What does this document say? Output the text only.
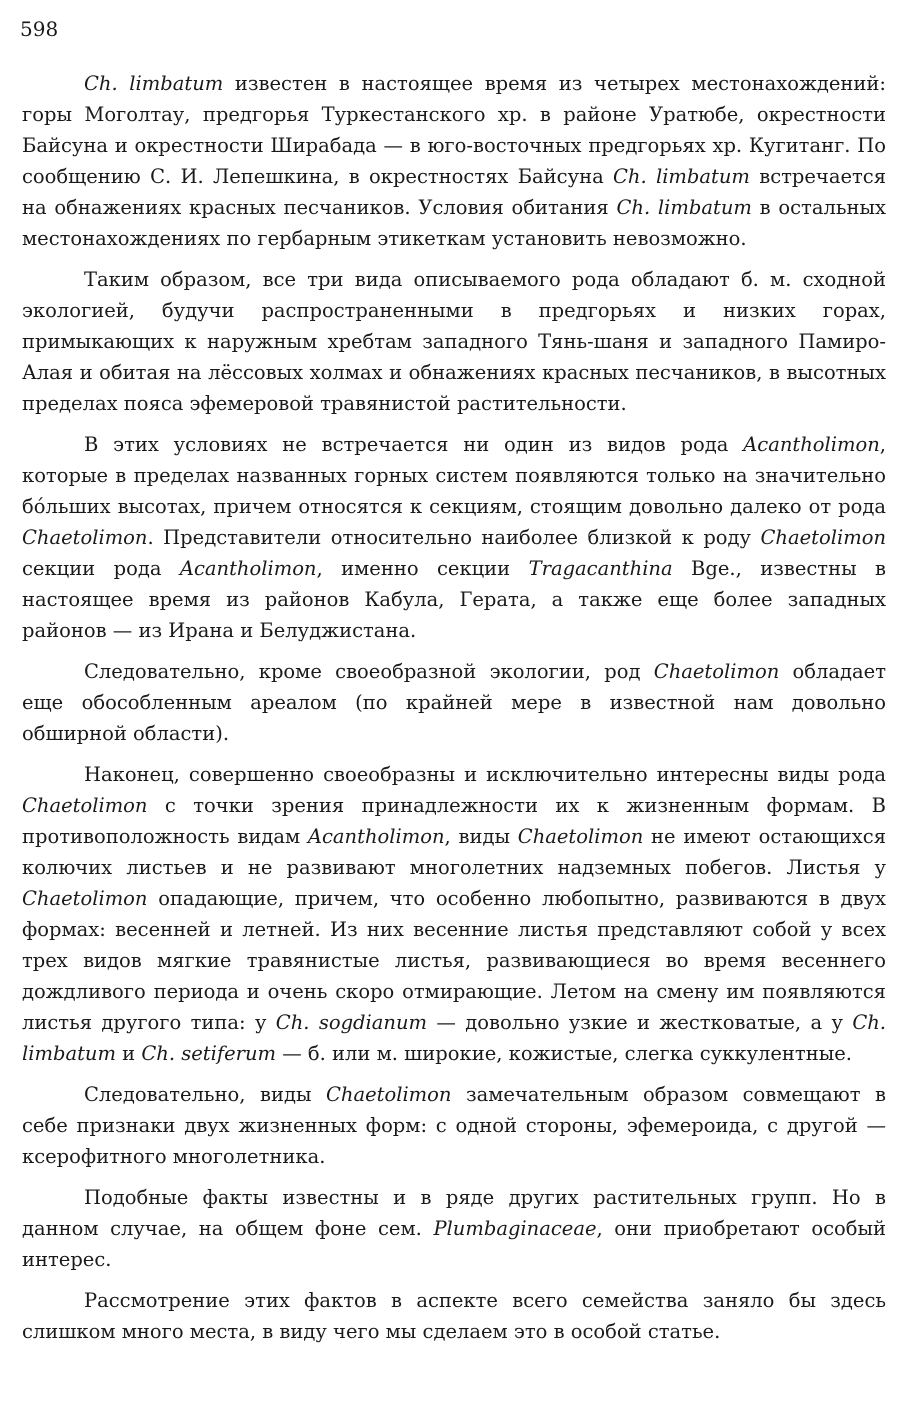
598

Ch. limbatum известен в настоящее время из четырех местонахождений: горы Моголтау, предгорья Туркестанского хр. в районе Уратюбе, окрестности Байсуна и окрестности Ширабада — в юго-восточных предгорьях хр. Кугитанг. По сообщению С. И. Лепешкина, в окрестностях Байсуна Ch. limbatum встречается на обнажениях красных песчаников. Условия обитания Ch. limbatum в остальных местонахождениях по гербарным этикеткам установить невозможно.

Таким образом, все три вида описываемого рода обладают б. м. сходной экологией, будучи распространенными в предгорьях и низких горах, примыкающих к наружным хребтам западного Тянь-шаня и западного Памиро-Алая и обитая на лёссовых холмах и обнажениях красных песчаников, в высотных пределах пояса эфемеровой травянистой растительности.

В этих условиях не встречается ни один из видов рода Acantholimon, которые в пределах названных горных систем появляются только на значительно бóльших высотах, причем относятся к секциям, стоящим довольно далеко от рода Chaetolimon. Представители относительно наиболее близкой к роду Chaetolimon секции рода Acantholimon, именно секции Tragacanthina Bge., известны в настоящее время из районов Кабула, Герата, а также еще более западных районов — из Ирана и Белуджистана.

Следовательно, кроме своеобразной экологии, род Chaetolimon обладает еще обособленным ареалом (по крайней мере в известной нам довольно обширной области).

Наконец, совершенно своеобразны и исключительно интересны виды рода Chaetolimon с точки зрения принадлежности их к жизненным формам. В противоположность видам Acantholimon, виды Chaetolimon не имеют остающихся колючих листьев и не развивают многолетних надземных побегов. Листья у Chaetolimon опадающие, причем, что особенно любопытно, развиваются в двух формах: весенней и летней. Из них весенние листья представляют собой у всех трех видов мягкие травянистые листья, развивающиеся во время весеннего дождливого периода и очень скоро отмирающие. Летом на смену им появляются листья другого типа: у Ch. sogdianum — довольно узкие и жестковатые, а у Ch. limbatum и Ch. setiferum — б. или м. широкие, кожистые, слегка суккулентные.

Следовательно, виды Chaetolimon замечательным образом совмещают в себе признаки двух жизненных форм: с одной стороны, эфемероида, с другой — ксерофитного многолетника.

Подобные факты известны и в ряде других растительных групп. Но в данном случае, на общем фоне сем. Plumbaginaceae, они приобретают особый интерес.

Рассмотрение этих фактов в аспекте всего семейства заняло бы здесь слишком много места, в виду чего мы сделаем это в особой статье.
